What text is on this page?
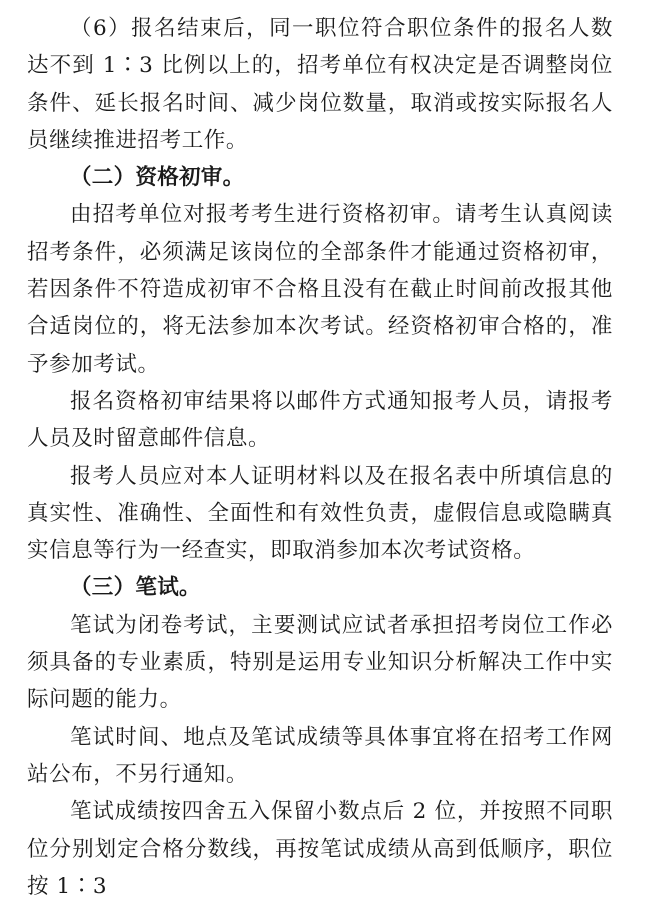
（6）报名结束后，同一职位符合职位条件的报名人数达不到 1∶3 比例以上的，招考单位有权决定是否调整岗位条件、延长报名时间、减少岗位数量，取消或按实际报名人员继续推进招考工作。

（二）资格初审。

由招考单位对报考考生进行资格初审。请考生认真阅读招考条件，必须满足该岗位的全部条件才能通过资格初审，若因条件不符造成初审不合格且没有在截止时间前改报其他合适岗位的，将无法参加本次考试。经资格初审合格的，准予参加考试。

报名资格初审结果将以邮件方式通知报考人员，请报考人员及时留意邮件信息。

报考人员应对本人证明材料以及在报名表中所填信息的真实性、准确性、全面性和有效性负责，虚假信息或隐瞒真实信息等行为一经查实，即取消参加本次考试资格。

（三）笔试。

笔试为闭卷考试，主要测试应试者承担招考岗位工作必须具备的专业素质，特别是运用专业知识分析解决工作中实际问题的能力。

笔试时间、地点及笔试成绩等具体事宜将在招考工作网站公布，不另行通知。

笔试成绩按四舍五入保留小数点后 2 位，并按照不同职位分别划定合格分数线，再按笔试成绩从高到低顺序，职位按 1∶3
